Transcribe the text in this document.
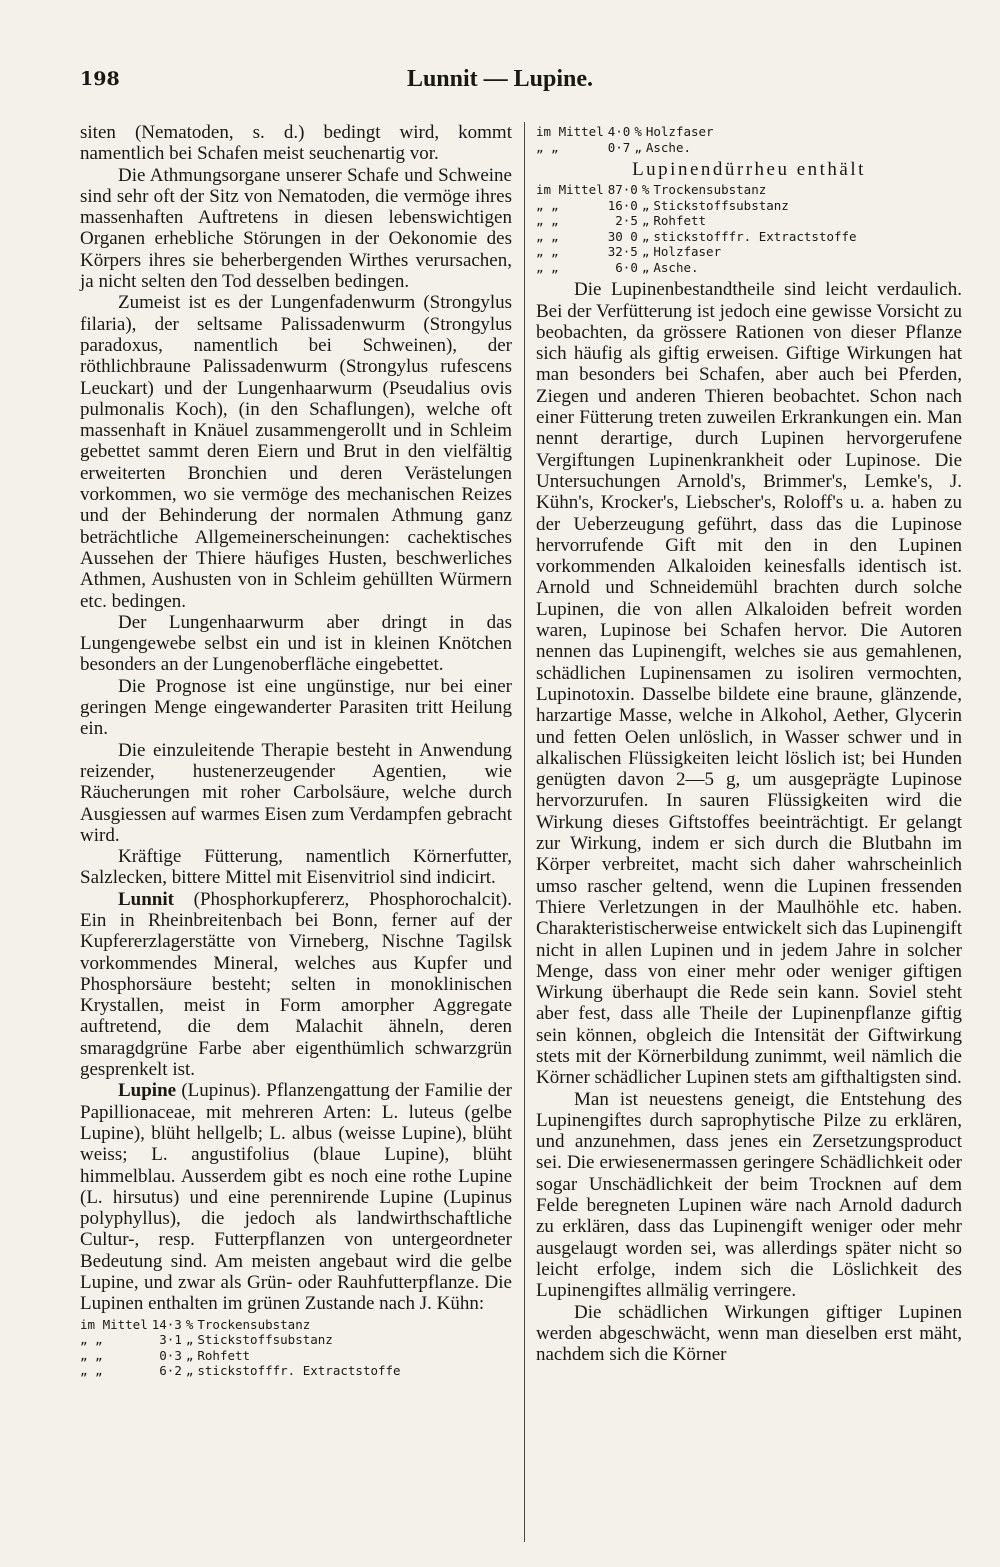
198	Lunnit — Lupine.

siten (Nematoden, s. d.) bedingt wird, kommt namentlich bei Schafen meist seuchenartig vor.

Die Athmungsorgane unserer Schafe und Schweine sind sehr oft der Sitz von Nematoden, die vermöge ihres massenhaften Auftretens in diesen lebenswichtigen Organen erhebliche Störungen in der Oekonomie des Körpers ihres sie beherbergenden Wirthes verursachen, ja nicht selten den Tod desselben bedingen.

Zumeist ist es der Lungenfadenwurm (Strongylus filaria), der seltsame Palissadenwurm (Strongylus paradoxus, namentlich bei Schweinen), der röthlichbraune Palissadenwurm (Strongylus rufescens Leuckart) und der Lungenhaarwurm (Pseudalius ovis pulmonalis Koch), (in den Schaflungen), welche oft massenhaft in Knäuel zusammengerollt und in Schleim gebettet sammt deren Eiern und Brut in den vielfältig erweiterten Bronchien und deren Verästelungen vorkommen, wo sie vermöge des mechanischen Reizes und der Behinderung der normalen Athmung ganz beträchtliche Allgemeinerscheinungen: cachektisches Aussehen der Thiere häufiges Husten, beschwerliches Athmen, Aushusten von in Schleim gehüllten Würmern etc. bedingen.

Der Lungenhaarwurm aber dringt in das Lungengewebe selbst ein und ist in kleinen Knötchen besonders an der Lungenoberfläche eingebettet.

Die Prognose ist eine ungünstige, nur bei einer geringen Menge eingewanderter Parasiten tritt Heilung ein.

Die einzuleitende Therapie besteht in Anwendung reizender, hustenerzeugender Agentien, wie Räucherungen mit roher Carbolsäure, welche durch Ausgiessen auf warmes Eisen zum Verdampfen gebracht wird.

Kräftige Fütterung, namentlich Körnerfutter, Salzlecken, bittere Mittel mit Eisenvitriol sind indicirt.

Lunnit (Phosphorkupfererz, Phosphorochalcit). Ein in Rheinbreitenbach bei Bonn, ferner auf der Kupfererzlagerstätte von Virneberg, Nischne Tagilsk vorkommendes Mineral, welches aus Kupfer und Phosphorsäure besteht; selten in monoklinischen Krystallen, meist in Form amorpher Aggregate auftretend, die dem Malachit ähneln, deren smaragdgrüne Farbe aber eigenthümlich schwarzgrün gesprenkelt ist.

Lupine (Lupinus). Pflanzengattung der Familie der Papillionaceae, mit mehreren Arten: L. luteus (gelbe Lupine), blüht hellgelb; L. albus (weisse Lupine), blüht weiss; L. angustifolius (blaue Lupine), blüht himmelblau. Ausserdem gibt es noch eine rothe Lupine (L. hirsutus) und eine perennirende Lupine (Lupinus polyphyllus), die jedoch als landwirthschaftliche Cultur-, resp. Futterpflanzen von untergeordneter Bedeutung sind. Am meisten angebaut wird die gelbe Lupine, und zwar als Grün- oder Rauhfutterpflanze. Die Lupinen enthalten im grünen Zustande nach J. Kühn:

im Mittel	14·3	%	Trockensubstanz
„ „	3·1	„	Stickstoffsubstanz
„ „	0·3	„	Rohfett
„ „	6·2	„	stickstofffr. Extractstoffe
im Mittel	4·0	%	Holzfaser
„ „	0·7	„	Asche.

Lupinendürrheu enthält

im Mittel	87·0	%	Trockensubstanz
„ „	16·0	„	Stickstoffsubstanz
„ „	2·5	„	Rohfett
„ „	30 0	„	stickstofffr. Extractstoffe
„ „	32·5	„	Holzfaser
„ „	6·0	„	Asche.

Die Lupinenbestandtheile sind leicht verdaulich. Bei der Verfütterung ist jedoch eine gewisse Vorsicht zu beobachten, da grössere Rationen von dieser Pflanze sich häufig als giftig erweisen. Giftige Wirkungen hat man besonders bei Schafen, aber auch bei Pferden, Ziegen und anderen Thieren beobachtet. Schon nach einer Fütterung treten zuweilen Erkrankungen ein. Man nennt derartige, durch Lupinen hervorgerufene Vergiftungen Lupinenkrankheit oder Lupinose. Die Untersuchungen Arnold's, Brimmer's, Lemke's, J. Kühn's, Krocker's, Liebscher's, Roloff's u. a. haben zu der Ueberzeugung geführt, dass das die Lupinose hervorrufende Gift mit den in den Lupinen vorkommenden Alkaloiden keinesfalls identisch ist. Arnold und Schneidemühl brachten durch solche Lupinen, die von allen Alkaloiden befreit worden waren, Lupinose bei Schafen hervor. Die Autoren nennen das Lupinengift, welches sie aus gemahlenen, schädlichen Lupinensamen zu isoliren vermochten, Lupinotoxin. Dasselbe bildete eine braune, glänzende, harzartige Masse, welche in Alkohol, Aether, Glycerin und fetten Oelen unlöslich, in Wasser schwer und in alkalischen Flüssigkeiten leicht löslich ist; bei Hunden genügten davon 2—5 g, um ausgeprägte Lupinose hervorzurufen. In sauren Flüssigkeiten wird die Wirkung dieses Giftstoffes beeinträchtigt. Er gelangt zur Wirkung, indem er sich durch die Blutbahn im Körper verbreitet, macht sich daher wahrscheinlich umso rascher geltend, wenn die Lupinen fressenden Thiere Verletzungen in der Maulhöhle etc. haben. Charakteristischerweise entwickelt sich das Lupinengift nicht in allen Lupinen und in jedem Jahre in solcher Menge, dass von einer mehr oder weniger giftigen Wirkung überhaupt die Rede sein kann. Soviel steht aber fest, dass alle Theile der Lupinenpflanze giftig sein können, obgleich die Intensität der Giftwirkung stets mit der Körnerbildung zunimmt, weil nämlich die Körner schädlicher Lupinen stets am gifthaltigsten sind.

Man ist neuestens geneigt, die Entstehung des Lupinengiftes durch saprophytische Pilze zu erklären, und anzunehmen, dass jenes ein Zersetzungsproduct sei. Die erwiesenermassen geringere Schädlichkeit oder sogar Unschädlichkeit der beim Trocknen auf dem Felde beregneten Lupinen wäre nach Arnold dadurch zu erklären, dass das Lupinengift weniger oder mehr ausgelaugt worden sei, was allerdings später nicht so leicht erfolge, indem sich die Löslichkeit des Lupinengiftes allmälig verringere.

Die schädlichen Wirkungen giftiger Lupinen werden abgeschwächt, wenn man dieselben erst mäht, nachdem sich die Körner
